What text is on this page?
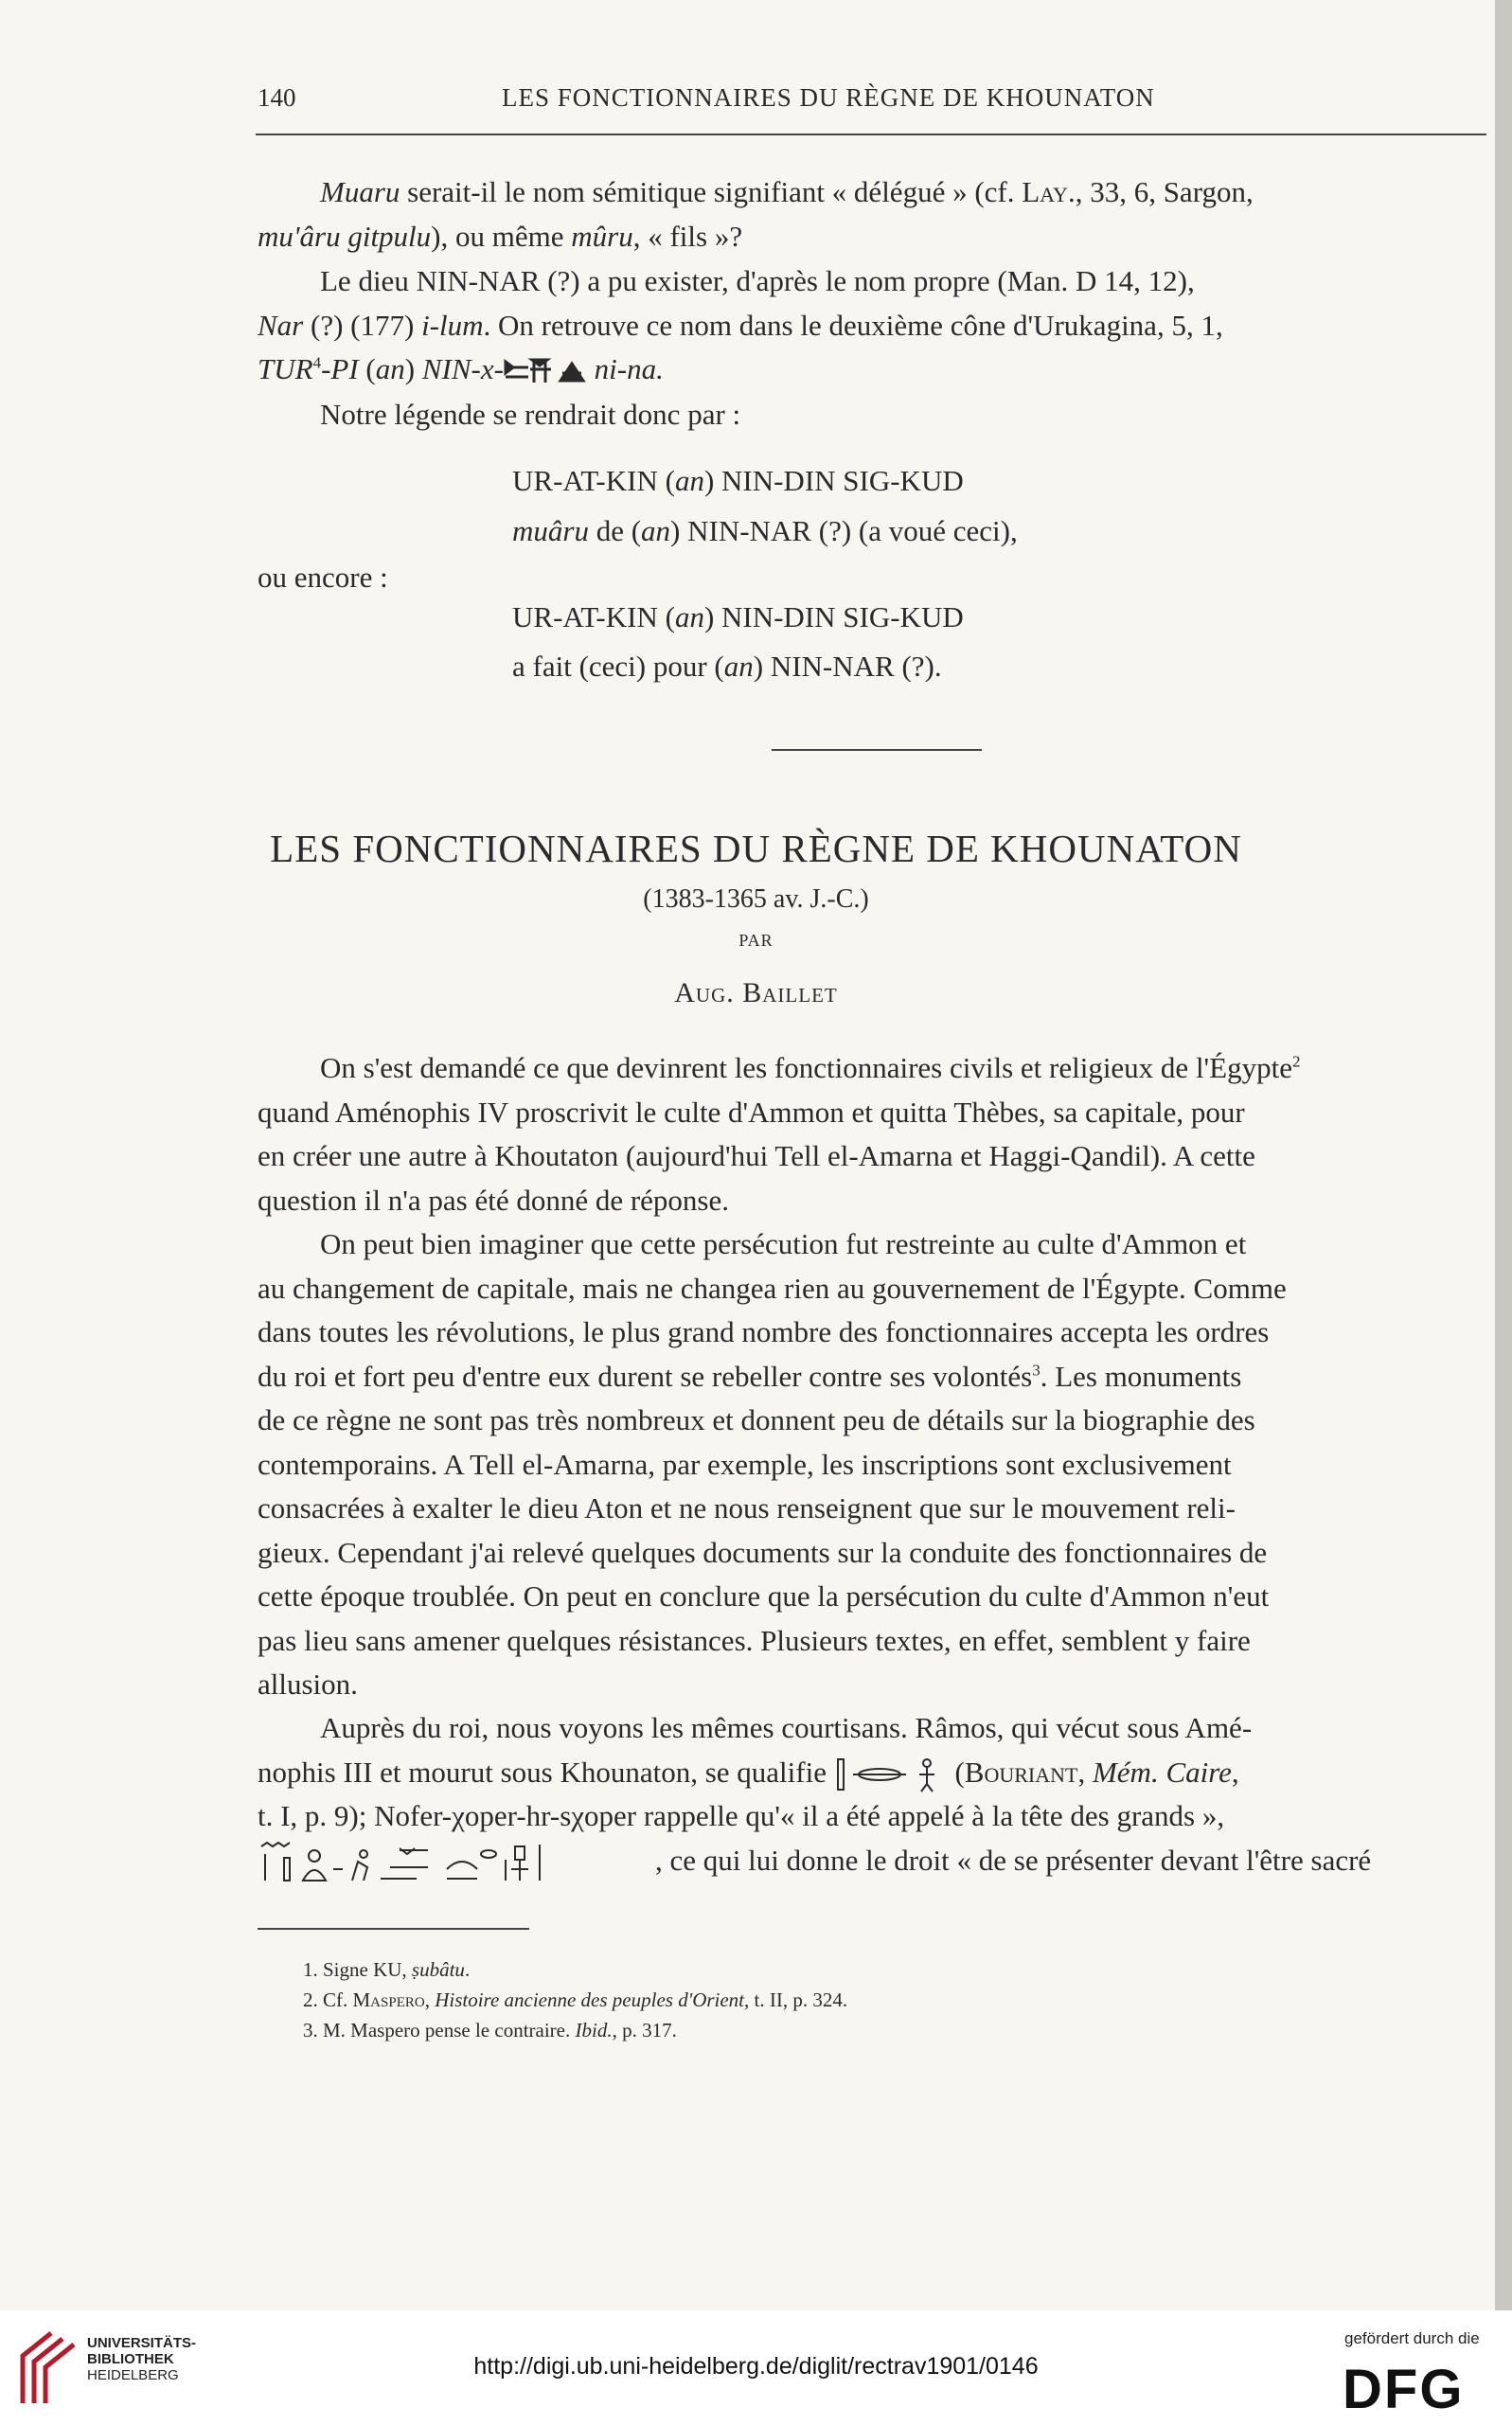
140	LES FONCTIONNAIRES DU RÈGNE DE KHOUNATON

Muaru serait-il le nom sémitique signifiant « délégué » (cf. Lay., 33, 6, Sargon,
mu'âru gitpulu), ou même mûru, « fils »?

Le dieu NIN-NAR (?) a pu exister, d'après le nom propre (Man. D 14, 12),
Nar (?) (177) i-lum. On retrouve ce nom dans le deuxième cône d'Urukagina, 5, 1,
TUR$^4$-PI (an) NIN-x-	ni-na.

Notre légende se rendrait donc par :

UR-AT-KIN (an) NIN-DIN SIG-KUD
muâru de (an) NIN-NAR (?) (a voué ceci),
ou encore :
UR-AT-KIN (an) NIN-DIN SIG-KUD
a fait (ceci) pour (an) NIN-NAR (?).
LES FONCTIONNAIRES DU RÈGNE DE KHOUNATON
(1383-1365 av. J.-C.)
PAR
Aug. Baillet

On s'est demandé ce que devinrent les fonctionnaires civils et religieux de l'Égypte$^2$
quand Aménophis IV proscrivit le culte d'Ammon et quitta Thèbes, sa capitale, pour
en créer une autre à Khoutaton (aujourd'hui Tell el-Amarna et Haggi-Qandil). A cette
question il n'a pas été donné de réponse.

On peut bien imaginer que cette persécution fut restreinte au culte d'Ammon et
au changement de capitale, mais ne changea rien au gouvernement de l'Égypte. Comme
dans toutes les révolutions, le plus grand nombre des fonctionnaires accepta les ordres
du roi et fort peu d'entre eux durent se rebeller contre ses volontés$^3$. Les monuments
de ce règne ne sont pas très nombreux et donnent peu de détails sur la biographie des
contemporains. A Tell el-Amarna, par exemple, les inscriptions sont exclusivement
consacrées à exalter le dieu Aton et ne nous renseignent que sur le mouvement reli-
gieux. Cependant j'ai relevé quelques documents sur la conduite des fonctionnaires de
cette époque troublée. On peut en conclure que la persécution du culte d'Ammon n'eut
pas lieu sans amener quelques résistances. Plusieurs textes, en effet, semblent y faire
allusion.

Auprès du roi, nous voyons les mêmes courtisans. Râmos, qui vécut sous Amé-
nophis III et mourut sous Khounaton, se qualifie	(Bouriant, Mém. Caire,
t. I, p. 9); Nofer-χoper-hr-sχoper rappelle qu'« il a été appelé à la tête des grands »,
, ce qui lui donne le droit « de se présenter devant l'être sacré

1. Signe KU, ṣubâtu.
2. Cf. Maspero, Histoire ancienne des peuples d'Orient, t. II, p. 324.
3. M. Maspero pense le contraire. Ibid., p. 317.
UNIVERSITÄTS-
BIBLIOTHEK
HEIDELBERG	http://digi.ub.uni-heidelberg.de/diglit/rectrav1901/0146
gefördert durch die
DFG
